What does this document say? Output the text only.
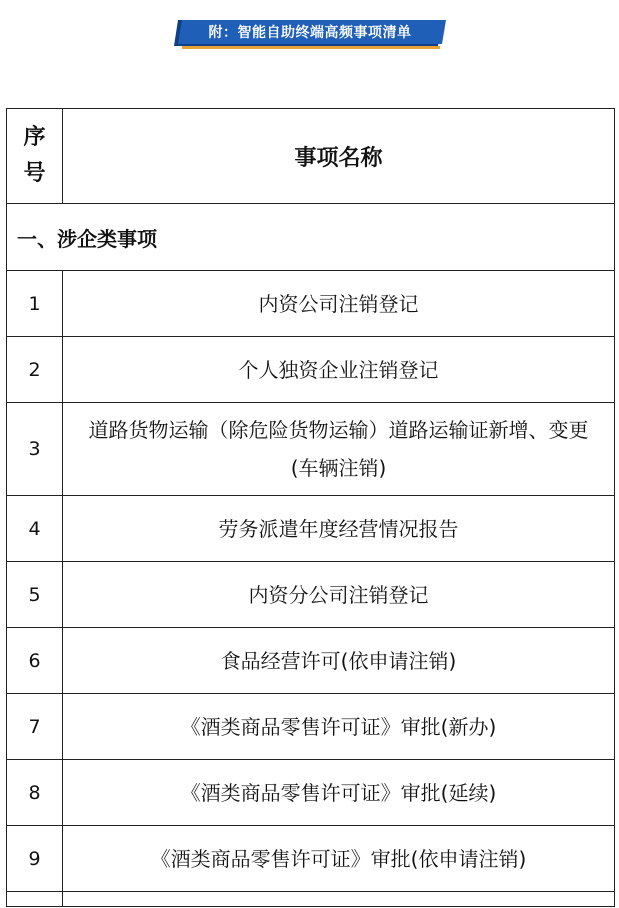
附：智能自助终端高频事项清单
序
号	事项名称
一、涉企类事项	
1	内资公司注销登记
2	个人独资企业注销登记
3	道路货物运输（除危险货物运输）道路运输证新增、变更(车辆注销)
4	劳务派遣年度经营情况报告
5	内资分公司注销登记
6	食品经营许可(依申请注销)
7	《酒类商品零售许可证》审批(新办)
8	《酒类商品零售许可证》审批(延续)
9	《酒类商品零售许可证》审批(依申请注销)
